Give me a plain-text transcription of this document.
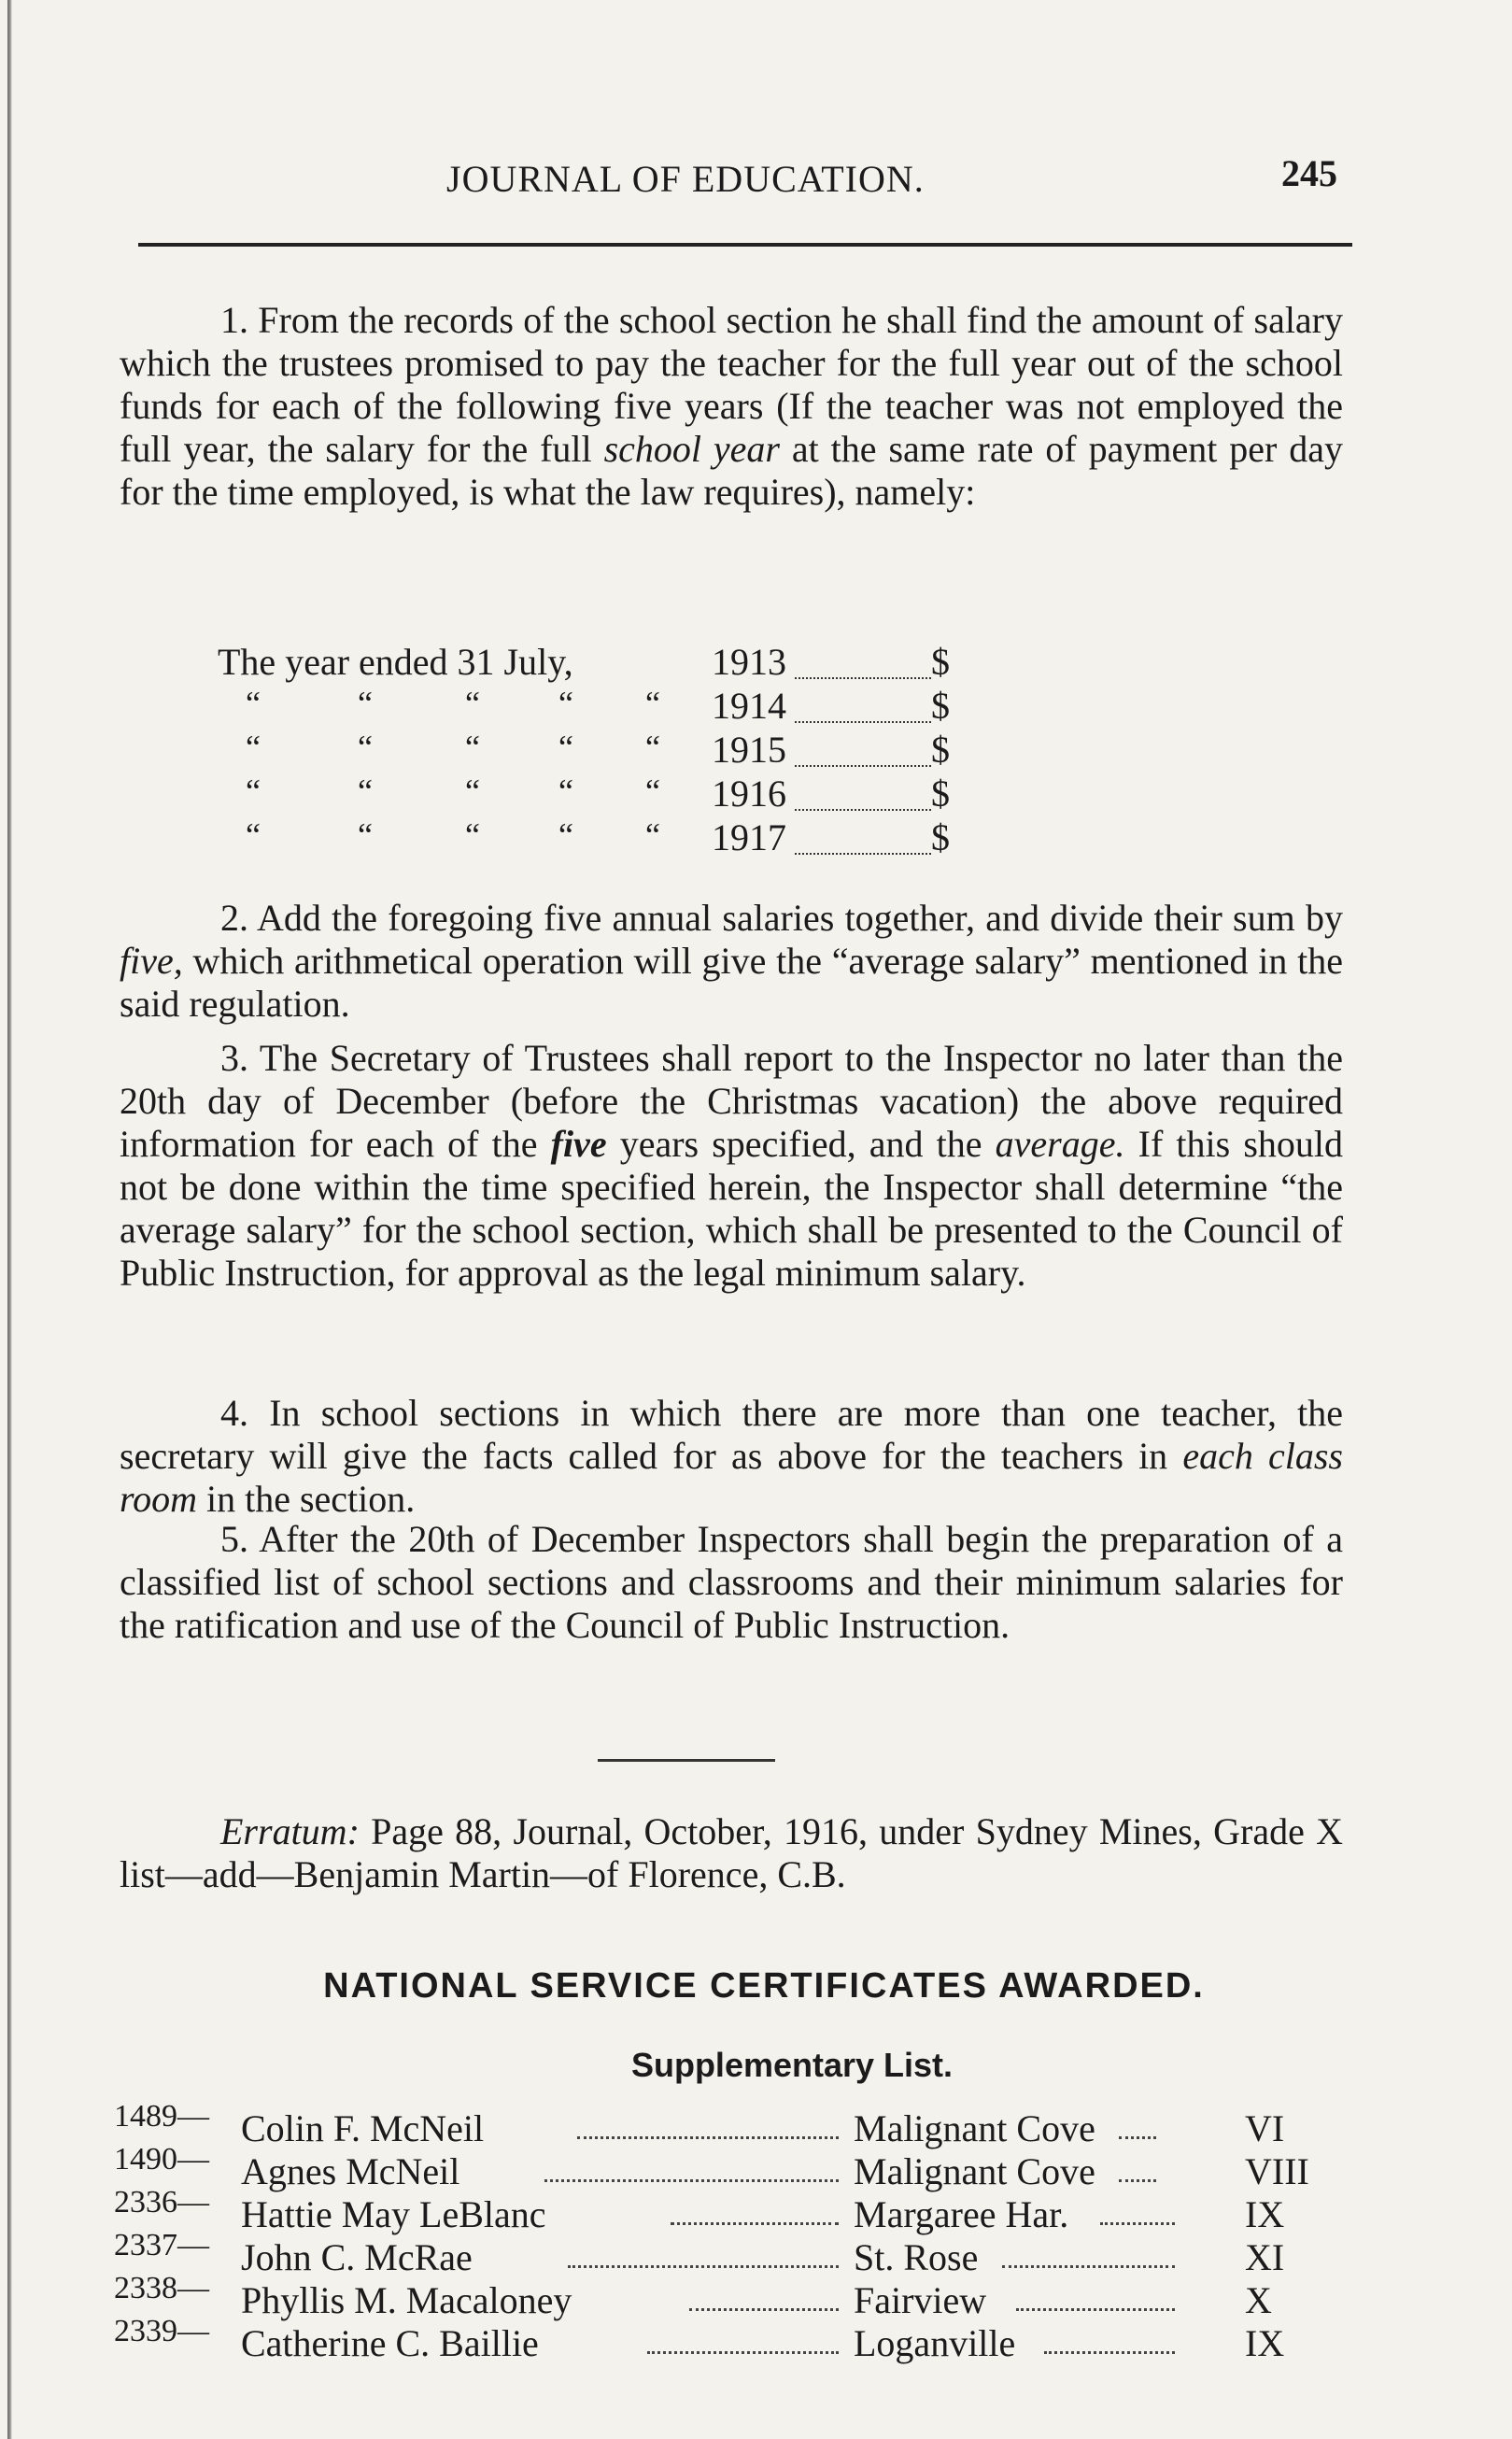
JOURNAL OF EDUCATION.	245

1. From the records of the school section he shall find the amount of salary which the trustees promised to pay the teacher for the full year out of the school funds for each of the following five years (If the teacher was not employed the full year, the salary for the full school year at the same rate of payment per day for the time employed, is what the law requires), namely:

The year ended 31 July,	1913	$
“	“	“ “ “ 1914	$
“	“	“ “ “ 1915	$
“	“	“ “ “ 1916	$
“	“	“ “ “ 1917	$

2. Add the foregoing five annual salaries together, and divide their sum by five, which arithmetical operation will give the “average salary” mentioned in the said regulation.

3. The Secretary of Trustees shall report to the Inspector no later than the 20th day of December (before the Christmas vacation) the above required information for each of the five years specified, and the average. If this should not be done within the time specified herein, the Inspector shall determine “the average salary” for the school section, which shall be presented to the Council of Public Instruction, for approval as the legal minimum salary.

4. In school sections in which there are more than one teacher, the secretary will give the facts called for as above for the teachers in each class room in the section.

5. After the 20th of December Inspectors shall begin the preparation of a classified list of school sections and classrooms and their minimum salaries for the ratification and use of the Council of Public Instruction.

Erratum: Page 88, Journal, October, 1916, under Sydney Mines, Grade X list—add—Benjamin Martin—of Florence, C.B.

NATIONAL SERVICE CERTIFICATES AWARDED.
Supplementary List.
1489— Colin F. McNeil	Malignant Cove	VI
1490— Agnes McNeil	Malignant Cove	VIII
2336— Hattie May LeBlanc	Margaree Har.	IX
2337— John C. McRae	St. Rose	XI
2338— Phyllis M. Macaloney	Fairview	X
2339— Catherine C. Baillie	Loganville	IX
